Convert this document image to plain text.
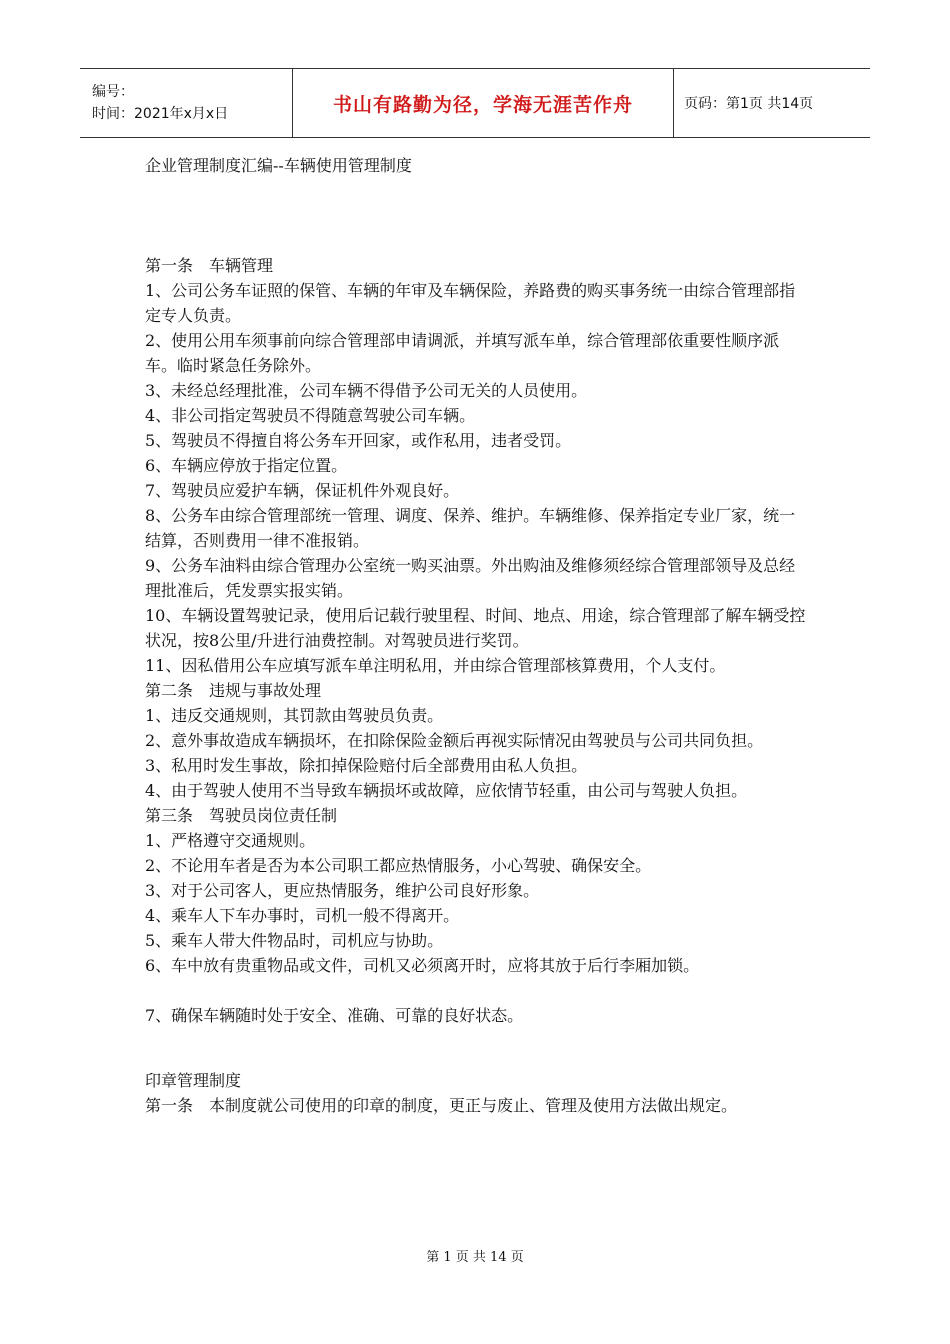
编号：
时间：2021年x月x日	书山有路勤为径，学海无涯苦作舟	页码：第1页 共14页

企业管理制度汇编--车辆使用管理制度

第一条　车辆管理

1、公司公务车证照的保管、车辆的年审及车辆保险，养路费的购买事务统一由综合管理部指定专人负责。

2、使用公用车须事前向综合管理部申请调派，并填写派车单，综合管理部依重要性顺序派车。临时紧急任务除外。

3、未经总经理批准，公司车辆不得借予公司无关的人员使用。

4、非公司指定驾驶员不得随意驾驶公司车辆。

5、驾驶员不得擅自将公务车开回家，或作私用，违者受罚。

6、车辆应停放于指定位置。

7、驾驶员应爱护车辆，保证机件外观良好。

8、公务车由综合管理部统一管理、调度、保养、维护。车辆维修、保养指定专业厂家，统一结算，否则费用一律不准报销。

9、公务车油料由综合管理办公室统一购买油票。外出购油及维修须经综合管理部领导及总经理批准后，凭发票实报实销。

10、车辆设置驾驶记录，使用后记载行驶里程、时间、地点、用途，综合管理部了解车辆受控状况，按8公里/升进行油费控制。对驾驶员进行奖罚。

11、因私借用公车应填写派车单注明私用，并由综合管理部核算费用，个人支付。

第二条　违规与事故处理

1、违反交通规则，其罚款由驾驶员负责。

2、意外事故造成车辆损坏，在扣除保险金额后再视实际情况由驾驶员与公司共同负担。

3、私用时发生事故，除扣掉保险赔付后全部费用由私人负担。

4、由于驾驶人使用不当导致车辆损坏或故障，应依情节轻重，由公司与驾驶人负担。

第三条　驾驶员岗位责任制

1、严格遵守交通规则。

2、不论用车者是否为本公司职工都应热情服务，小心驾驶、确保安全。

3、对于公司客人，更应热情服务，维护公司良好形象。

4、乘车人下车办事时，司机一般不得离开。

5、乘车人带大件物品时，司机应与协助。

6、车中放有贵重物品或文件，司机又必须离开时，应将其放于后行李厢加锁。

7、确保车辆随时处于安全、准确、可靠的良好状态。

印章管理制度

第一条　本制度就公司使用的印章的制度，更正与废止、管理及使用方法做出规定。

第 1 页 共 14 页
